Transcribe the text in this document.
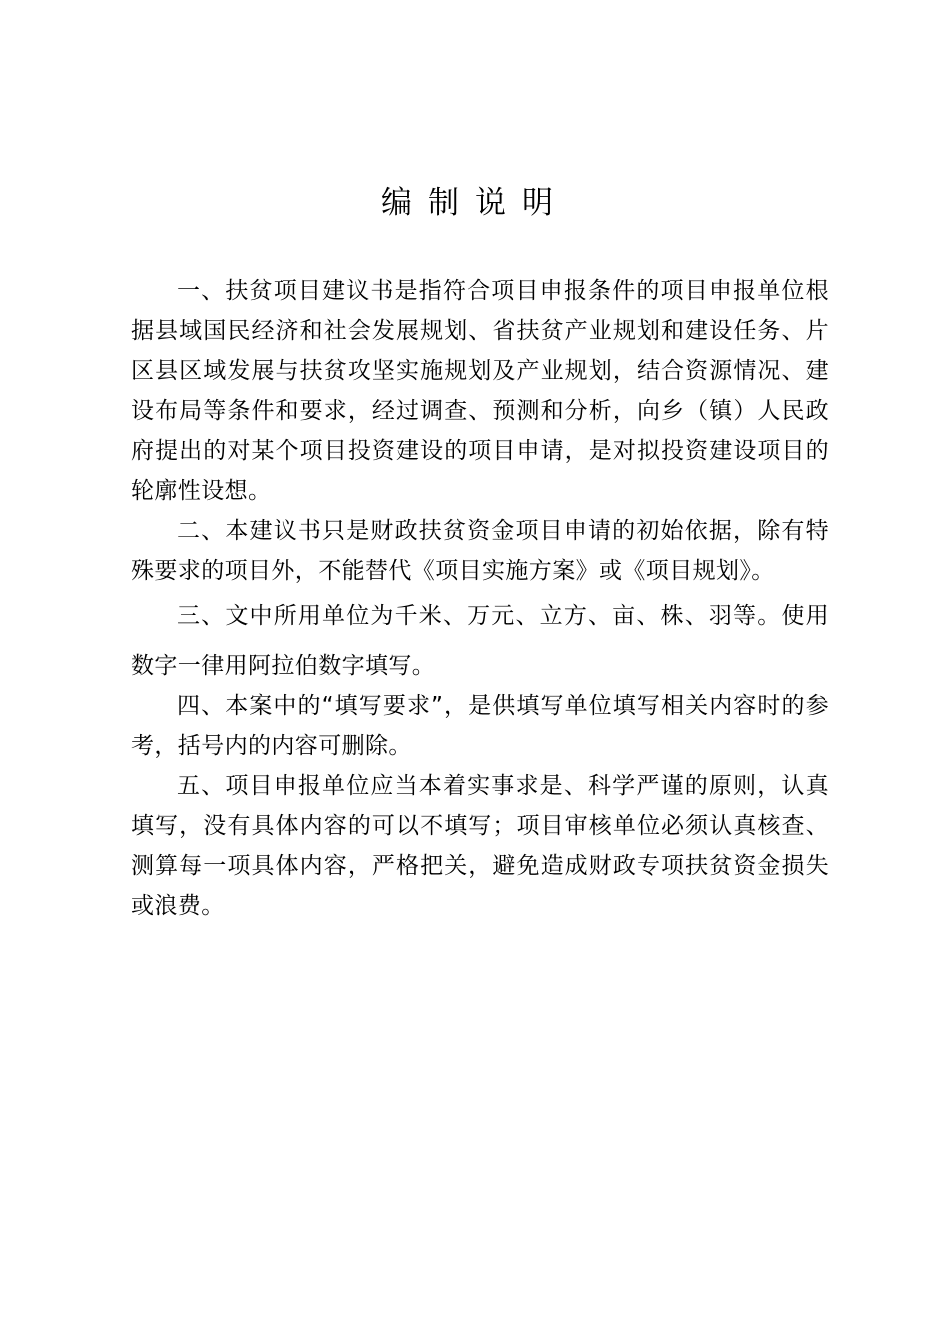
编制说明

一、扶贫项目建议书是指符合项目申报条件的项目申报单位根据县域国民经济和社会发展规划、省扶贫产业规划和建设任务、片区县区域发展与扶贫攻坚实施规划及产业规划，结合资源情况、建设布局等条件和要求，经过调查、预测和分析，向乡（镇）人民政府提出的对某个项目投资建设的项目申请，是对拟投资建设项目的轮廓性设想。

二、本建议书只是财政扶贫资金项目申请的初始依据，除有特殊要求的项目外，不能替代《项目实施方案》或《项目规划》。

三、文中所用单位为千米、万元、立方、亩、株、羽等。使用数字一律用阿拉伯数字填写。

四、本案中的“填写要求”，是供填写单位填写相关内容时的参考，括号内的内容可删除。

五、项目申报单位应当本着实事求是、科学严谨的原则，认真填写，没有具体内容的可以不填写；项目审核单位必须认真核查、测算每一项具体内容，严格把关，避免造成财政专项扶贫资金损失或浪费。
